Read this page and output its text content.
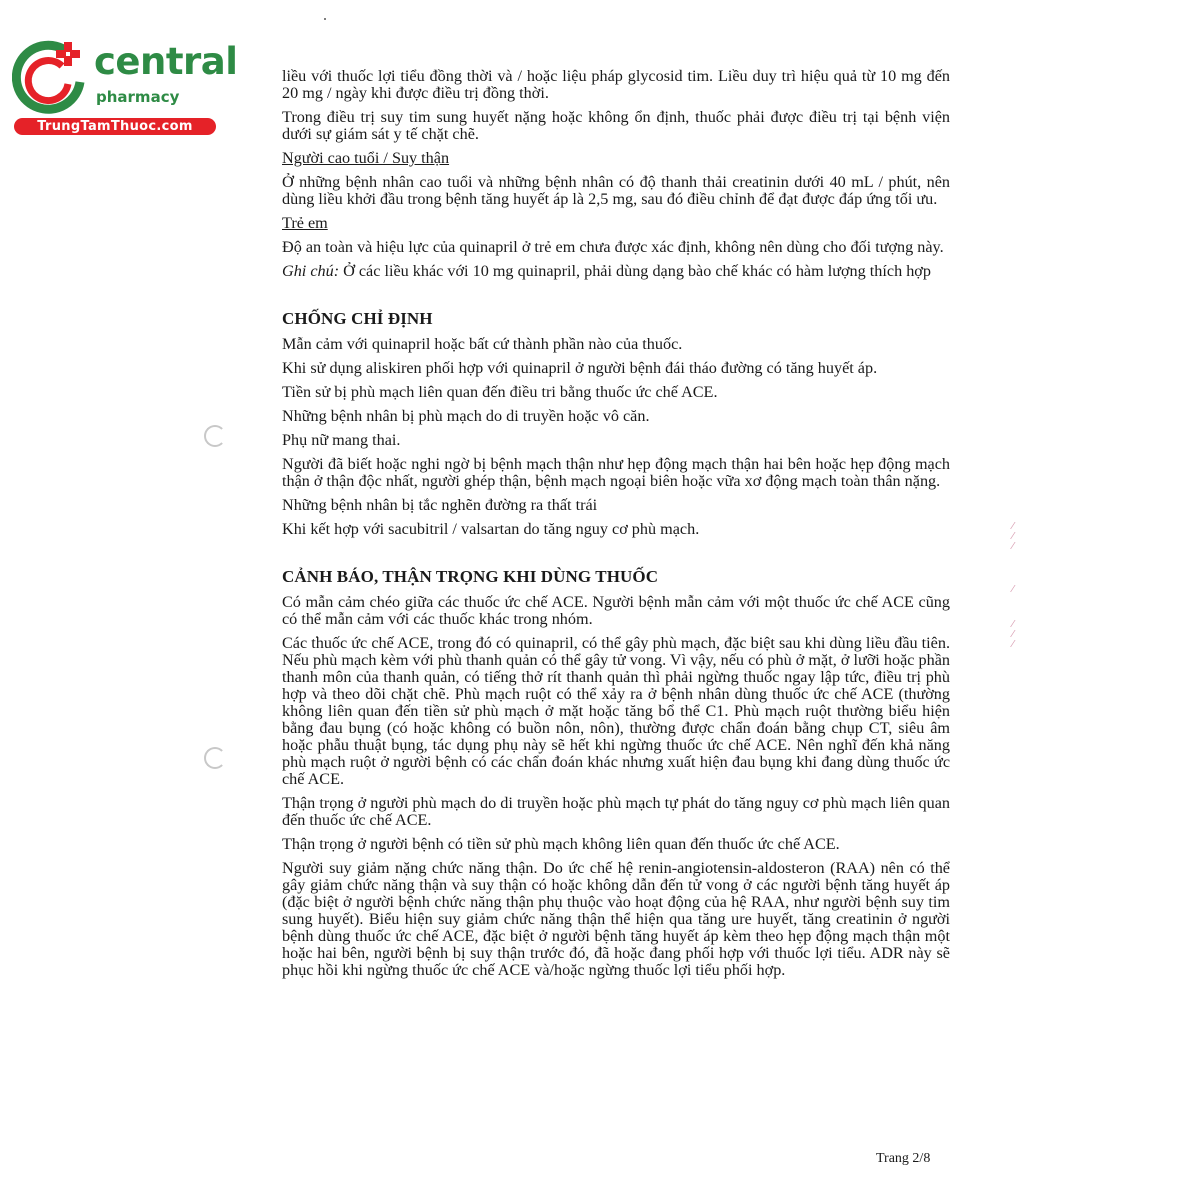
central
pharmacy
TrungTamThuoc.com
⁄
⁄
⁄
⁄
⁄
⁄
⁄

liều với thuốc lợi tiểu đồng thời và / hoặc liệu pháp glycosid tim. Liều duy trì hiệu quả từ 10 mg đến 20 mg / ngày khi được điều trị đồng thời.

Trong điều trị suy tim sung huyết nặng hoặc không ổn định, thuốc phải được điều trị tại bệnh viện dưới sự giám sát y tế chặt chẽ.

Người cao tuổi / Suy thận

Ở những bệnh nhân cao tuổi và những bệnh nhân có độ thanh thải creatinin dưới 40 mL / phút, nên dùng liều khởi đầu trong bệnh tăng huyết áp là 2,5 mg, sau đó điều chỉnh để đạt được đáp ứng tối ưu.

Trẻ em

Độ an toàn và hiệu lực của quinapril ở trẻ em chưa được xác định, không nên dùng cho đối tượng này.

Ghi chú: Ở các liều khác với 10 mg quinapril, phải dùng dạng bào chế khác có hàm lượng thích hợp

CHỐNG CHỈ ĐỊNH

Mẫn cảm với quinapril hoặc bất cứ thành phần nào của thuốc.

Khi sử dụng aliskiren phối hợp với quinapril ở người bệnh đái tháo đường có tăng huyết áp.

Tiền sử bị phù mạch liên quan đến điều tri bằng thuốc ức chế ACE.

Những bệnh nhân bị phù mạch do di truyền hoặc vô căn.

Phụ nữ mang thai.

Người đã biết hoặc nghi ngờ bị bệnh mạch thận như hẹp động mạch thận hai bên hoặc hẹp động mạch thận ở thận độc nhất, người ghép thận, bệnh mạch ngoại biên hoặc vữa xơ động mạch toàn thân nặng.

Những bệnh nhân bị tắc nghẽn đường ra thất trái

Khi kết hợp với sacubitril / valsartan do tăng nguy cơ phù mạch.

CẢNH BÁO, THẬN TRỌNG KHI DÙNG THUỐC

Có mẫn cảm chéo giữa các thuốc ức chế ACE. Người bệnh mẫn cảm với một thuốc ức chế ACE cũng có thể mẫn cảm với các thuốc khác trong nhóm.

Các thuốc ức chế ACE, trong đó có quinapril, có thể gây phù mạch, đặc biệt sau khi dùng liều đầu tiên. Nếu phù mạch kèm với phù thanh quản có thể gây tử vong. Vì vậy, nếu có phù ở mặt, ở lưỡi hoặc phần thanh môn của thanh quản, có tiếng thở rít thanh quản thì phải ngừng thuốc ngay lập tức, điều trị phù hợp và theo dõi chặt chẽ. Phù mạch ruột có thể xảy ra ở bệnh nhân dùng thuốc ức chế ACE (thường không liên quan đến tiền sử phù mạch ở mặt hoặc tăng bổ thể C1. Phù mạch ruột thường biểu hiện bằng đau bụng (có hoặc không có buồn nôn, nôn), thường được chẩn đoán bằng chụp CT, siêu âm hoặc phẫu thuật bụng, tác dụng phụ này sẽ hết khi ngừng thuốc ức chế ACE. Nên nghĩ đến khả năng phù mạch ruột ở người bệnh có các chẩn đoán khác nhưng xuất hiện đau bụng khi đang dùng thuốc ức chế ACE.

Thận trọng ở người phù mạch do di truyền hoặc phù mạch tự phát do tăng nguy cơ phù mạch liên quan đến thuốc ức chế ACE.

Thận trọng ở người bệnh có tiền sử phù mạch không liên quan đến thuốc ức chế ACE.

Người suy giảm nặng chức năng thận. Do ức chế hệ renin-angiotensin-aldosteron (RAA) nên có thể gây giảm chức năng thận và suy thận có hoặc không dẫn đến tử vong ở các người bệnh tăng huyết áp (đặc biệt ở người bệnh chức năng thận phụ thuộc vào hoạt động của hệ RAA, như người bệnh suy tim sung huyết). Biểu hiện suy giảm chức năng thận thể hiện qua tăng ure huyết, tăng creatinin ở người bệnh dùng thuốc ức chế ACE, đặc biệt ở người bệnh tăng huyết áp kèm theo hẹp động mạch thận một hoặc hai bên, người bệnh bị suy thận trước đó, đã hoặc đang phối hợp với thuốc lợi tiểu. ADR này sẽ phục hồi khi ngừng thuốc ức chế ACE và/hoặc ngừng thuốc lợi tiểu phối hợp.

Trang 2/8
